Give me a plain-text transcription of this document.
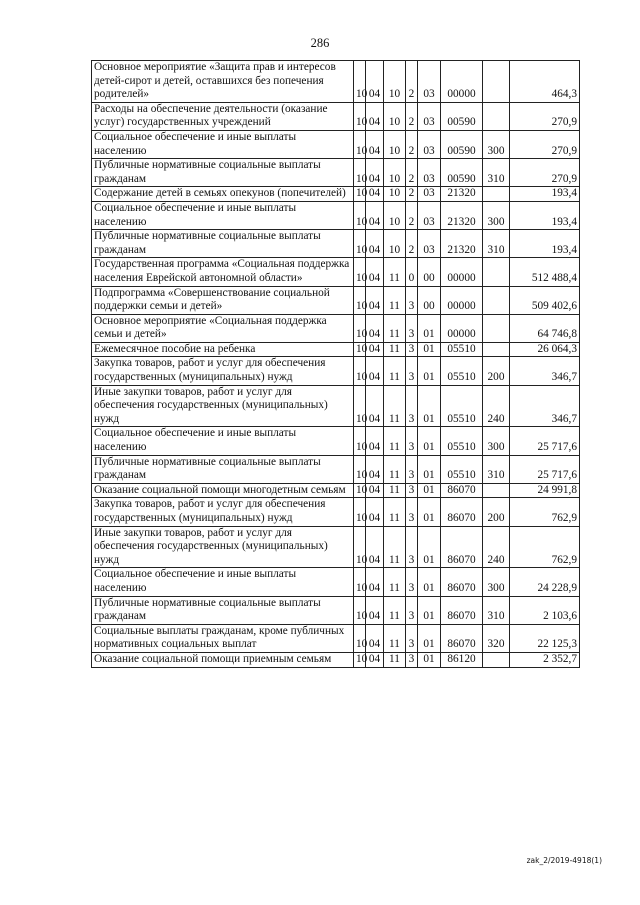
286
Основное мероприятие «Защита прав и интересов детей-сирот и детей, оставшихся без попечения родителей»	10	04	10	2	03	00000		464,3
Расходы на обеспечение деятельности (оказание услуг) государственных учреждений	10	04	10	2	03	00590		270,9
Социальное обеспечение и иные выплаты населению	10	04	10	2	03	00590	300	270,9
Публичные нормативные социальные выплаты гражданам	10	04	10	2	03	00590	310	270,9
Содержание детей в семьях опекунов (попечителей)	10	04	10	2	03	21320		193,4
Социальное обеспечение и иные выплаты населению	10	04	10	2	03	21320	300	193,4
Публичные нормативные социальные выплаты гражданам	10	04	10	2	03	21320	310	193,4
Государственная программа «Социальная поддержка населения Еврейской автономной области»	10	04	11	0	00	00000		512 488,4
Подпрограмма «Совершенствование социальной поддержки семьи и детей»	10	04	11	3	00	00000		509 402,6
Основное мероприятие «Социальная поддержка семьи и детей»	10	04	11	3	01	00000		64 746,8
Ежемесячное пособие на ребенка	10	04	11	3	01	05510		26 064,3
Закупка товаров, работ и услуг для обеспечения государственных (муниципальных) нужд	10	04	11	3	01	05510	200	346,7
Иные закупки товаров, работ и услуг для обеспечения государственных (муниципальных) нужд	10	04	11	3	01	05510	240	346,7
Социальное обеспечение и иные выплаты населению	10	04	11	3	01	05510	300	25 717,6
Публичные нормативные социальные выплаты гражданам	10	04	11	3	01	05510	310	25 717,6
Оказание социальной помощи многодетным семьям	10	04	11	3	01	86070		24 991,8
Закупка товаров, работ и услуг для обеспечения государственных (муниципальных) нужд	10	04	11	3	01	86070	200	762,9
Иные закупки товаров, работ и услуг для обеспечения государственных (муниципальных) нужд	10	04	11	3	01	86070	240	762,9
Социальное обеспечение и иные выплаты населению	10	04	11	3	01	86070	300	24 228,9
Публичные нормативные социальные выплаты гражданам	10	04	11	3	01	86070	310	2 103,6
Социальные выплаты гражданам, кроме публичных нормативных социальных выплат	10	04	11	3	01	86070	320	22 125,3
Оказание социальной помощи приемным семьям	10	04	11	3	01	86120		2 352,7
zak_2/2019-4918(1)
